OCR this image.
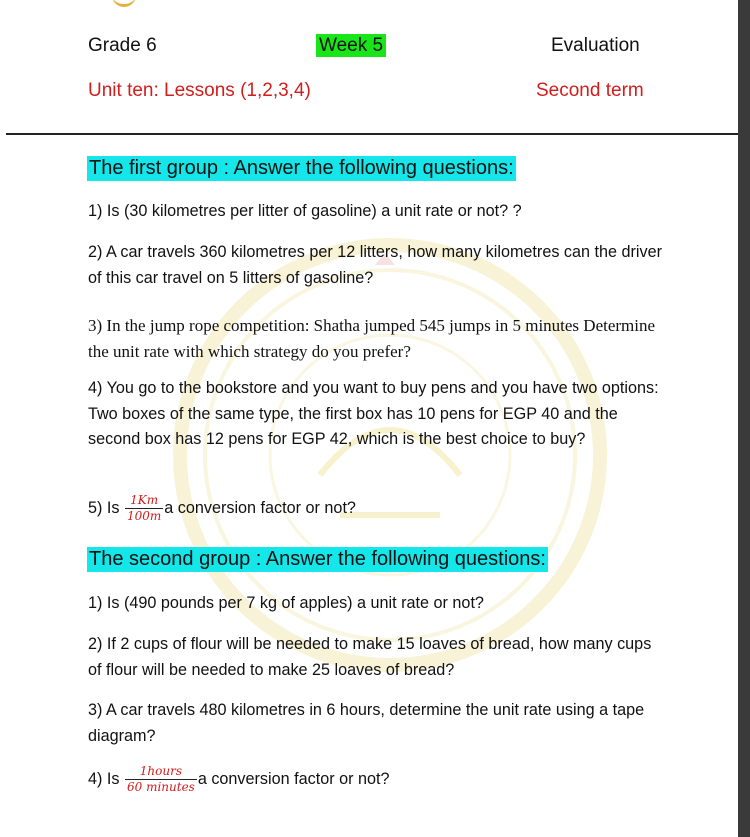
Grade 6	Week 5	Evaluation
Unit ten: Lessons (1,2,3,4)	Second term
The first group : Answer the following questions:
1) Is (30 kilometres per litter of gasoline) a unit rate or not? ?
2) A car travels 360 kilometres per 12 litters, how many kilometres can the driver of this car travel on 5 litters of gasoline?
3) In the jump rope competition: Shatha jumped 545 jumps in 5 minutes Determine the unit rate with which strategy do you prefer?
4) You go to the bookstore and you want to buy pens and you have two options: Two boxes of the same type, the first box has 10 pens for EGP 40 and the second box has 12 pens for EGP 42, which is the best choice to buy?
5) Is $\frac{1Km}{100m}$ a conversion factor or not?
The second group : Answer the following questions:
1) Is (490 pounds per 7 kg of apples) a unit rate or not?
2) If 2 cups of flour will be needed to make 15 loaves of bread, how many cups of flour will be needed to make 25 loaves of bread?
3) A car travels 480 kilometres in 6 hours, determine the unit rate using a tape diagram?
4) Is $\frac{\text{1hours}}{\text{60 minutes}}$ a conversion factor or not?
